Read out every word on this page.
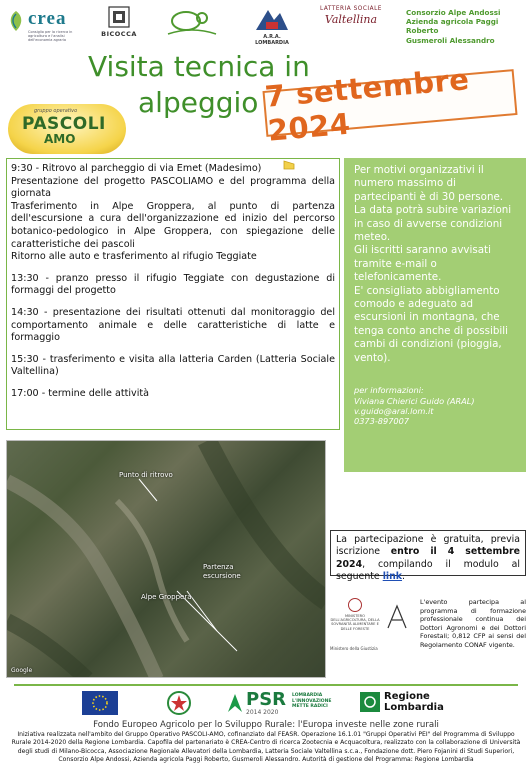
crea
Consiglio per la ricerca in agricoltura e l'analisi dell'economia agraria
BICOCCA	A.R.A. LOMBARDIA
LATTERIA SOCIALE
Valtellina
Consorzio Alpe Andossi
Azienda agricola Paggi Roberto
Gusmeroli Alessandro
Visita tecnica in
alpeggio 7 settembre 2024
gruppo operativo
PASCOLI
AMO

9:30 - Ritrovo al parcheggio di via Emet (Madesimo)

Presentazione del progetto PASCOLIAMO e del programma della giornata

Trasferimento in Alpe Groppera, al punto di partenza dell'escursione a cura dell'organizzazione ed inizio del percorso botanico-pedologico in Alpe Groppera, con spiegazione delle caratteristiche dei pascoli

Ritorno alle auto e trasferimento al rifugio Teggiate

13:30 - pranzo presso il rifugio Teggiate con degustazione di formaggi del progetto

14:30 - presentazione dei risultati ottenuti dal monitoraggio del comportamento animale e delle caratteristiche di latte e formaggio

15:30 - trasferimento e visita alla latteria Carden (Latteria Sociale Valtellina)

17:00 - termine delle attività

Per motivi organizzativi il numero massimo di partecipanti è di 30 persone.
La data potrà subire variazioni in caso di avverse condizioni meteo.
Gli iscritti saranno avvisati tramite e-mail o telefonicamente.
E' consigliato abbigliamento comodo e adeguato ad escursioni in montagna, che tenga conto anche di possibili cambi di condizioni (pioggia, vento).
per informazioni:
Viviana Chierici Guido (ARAL)
v.guido@aral.lom.it
0373-897007
Punto di ritrovo
Partenza
escursione
Alpe Groppera
Google
La partecipazione è gratuita, previa iscrizione entro il 4 settembre 2024, compilando il modulo al seguente link.
MINISTERO DELL'AGRICOLTURA, DELLA SOVRANITÀ ALIMENTARE E DELLE FORESTE
Ministero della Giustizia
L'evento partecipa al programma di formazione professionale continua dei Dottori Agronomi e dei Dottori Forestali; 0,812 CFP ai sensi del Regolamento CONAF vigente.
PSR
2014 2020
LOMBARDIA
L'INNOVAZIONE METTE RADICI
Regione
Lombardia
Fondo Europeo Agricolo per lo Sviluppo Rurale: l'Europa investe nelle zone rurali
Iniziativa realizzata nell'ambito del Gruppo Operativo PASCOLI-AMO, cofinanziato dal FEASR. Operazione 16.1.01 "Gruppi Operativi PEI" del Programma di Sviluppo Rurale 2014-2020 della Regione Lombardia. Capofila del partenariato è CREA-Centro di ricerca Zootecnia e Acquacoltura, realizzato con la collaborazione di Università degli studi di Milano-Bicocca, Associazione Regionale Allevatori della Lombardia, Latteria Sociale Valtellina s.c.a., Fondazione dott. Piero Fojanini di Studi Superiori, Consorzio Alpe Andossi, Azienda agricola Paggi Roberto, Gusmeroli Alessandro. Autorità di gestione del Programma: Regione Lombardia
